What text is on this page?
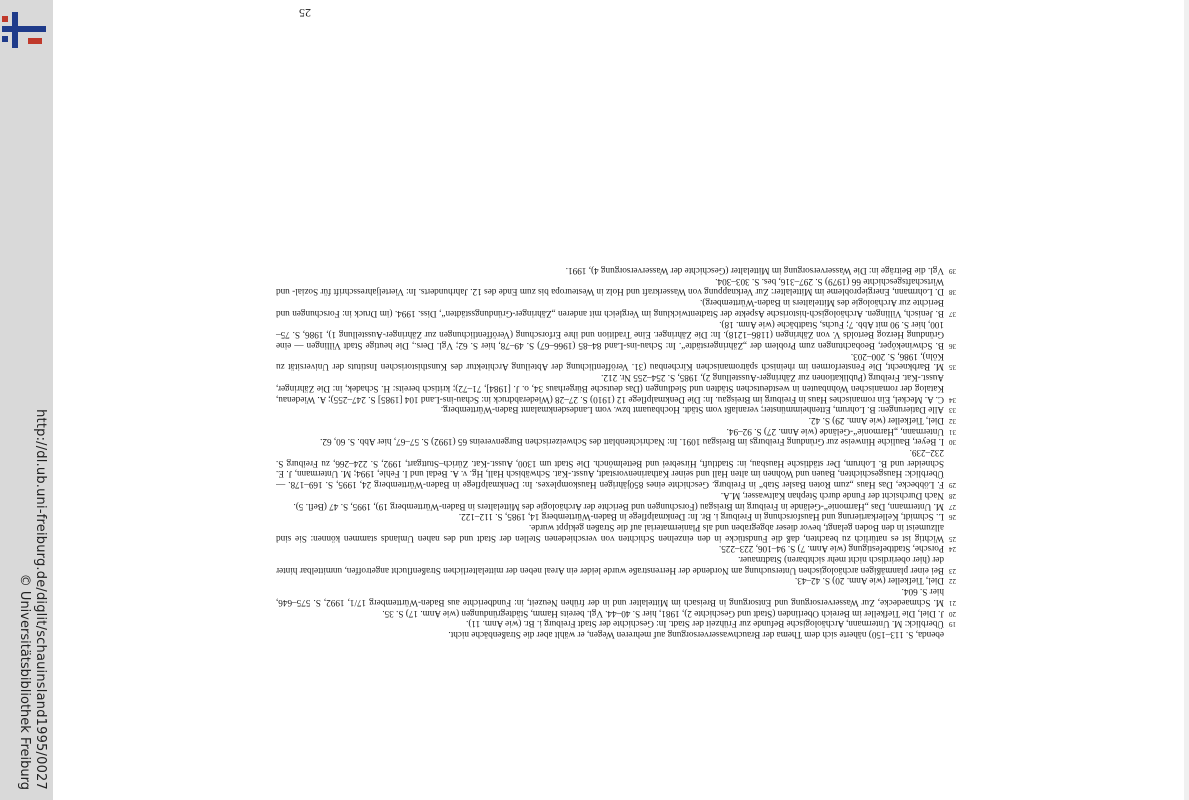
http://dl.ub.uni-freiburg.de/diglit/schauinsland1995/0027
© Universitätsbibliothek Freiburg	ebenda, S. 113–150) näherte sich dem Thema der Brauchwasserversorgung auf mehreren Wegen, er wählt aber die Straßenbäche nicht.

19
Überblick: M. Untermann, Archäologische Befunde zur Frühzeit der Stadt. In: Geschichte der Stadt Freiburg i. Br. (wie Anm. 11).

20
J. Diel, Die Tiefkeller im Bereich Oberlinden (Stadt und Geschichte 2), 1981, hier S. 40–44. Vgl. bereits Hamm, Städtegründungen (wie Anm. 17) S. 35.

21
M. Schmaedecke, Zur Wasserversorgung und Entsorgung in Breisach im Mittelalter und in der frühen Neuzeit, in: Fundberichte aus Baden-Württemberg 17/1, 1992, S. 575–646, hier S. 604.

22
Diel, Tiefkeller (wie Anm. 20) S. 42–43.

23
Bei einer planmäßigen archäologischen Untersuchung am Nordende der Herrenstraße wurde leider ein Areal neben der mittelalterlichen Straßenflucht angetroffen, unmittelbar hinter der (hier oberirdisch nicht mehr sichtbaren) Stadtmauer.

24
Porsche, Stadtbefestigung (wie Anm. 7) S. 94–106, 223–225.

25
Wichtig ist es natürlich zu beachten, daß die Fundstücke in den einzelnen Schichten von verschiedenen Stellen der Stadt und des nahen Umlands stammen können: Sie sind allzumeist in den Boden gelangt, bevor dieser abgegraben und als Planiermaterial auf die Straßen gekippt wurde.

26
L. Schmidt, Kellerkartierung und Hausforschung in Freiburg i. Br. In: Denkmalpflege in Baden-Württemberg 14, 1985, S. 112–122.

27
M. Untermann, Das „Harmonie“-Gelände in Freiburg im Breisgau (Forschungen und Berichte der Archäologie des Mittelalters in Baden-Württemberg 19), 1995, S. 47 (Befl. 5).

28
Nach Durchsicht der Funde durch Stephan Kaltwasser, M.A.

29
F. Löbbecke, Das Haus „zum Roten Basler Stab“ in Freiburg. Geschichte eines 850jährigen Hauskomplexes. In: Denkmalpflege in Baden-Württemberg 24, 1995, S. 169–178. — Überblick: Hausgeschichten, Bauen und Wohnen im alten Hall und seiner Katharinenvorstadt, Ausst.-Kat. Schwäbisch Hall, Hg. v. A. Bedal und I. Fehle, 1994; M. Untermann, J. E. Schneider und B. Lohrum, Der städtische Hausbau, in: Stadtluft, Hirsebrei und Bettelmönch. Die Stadt um 1300, Ausst.-Kat. Zürich–Stuttgart, 1992, S. 224–266, zu Freiburg S. 232–239.

30
I. Beyer, Bauliche Hinweise zur Gründung Freiburgs im Breisgau 1091. In: Nachrichtenblatt des Schweizerischen Burgenvereins 65 (1992) S. 57–67, hier Abb. S. 60, 62.

31
Untermann, „Harmonie“-Gelände (wie Anm. 27) S. 92–94.

32
Diel, Tiefkeller (wie Anm. 29) S. 42.

33
Alle Datierungen: B. Lohrum, Ettenheimmünster; veranlaßt vom Städt. Hochbauamt bzw. vom Landesdenkmalamt Baden-Württemberg.

34
C. A. Meckel, Ein romanisches Haus in Freiburg im Breisgau. In: Die Denkmalpflege 12 (1910) S. 27–28 (Wiederabdruck in: Schau-ins-Land 104 [1985] S. 247–255); A. Wiedenau, Katalog der romanischen Wohnbauten in westdeutschen Städten und Siedlungen (Das deutsche Bürgerhaus 34, o. J. [1984], 71–72); kritisch bereits: H. Schadek, in: Die Zähringer, Ausst.-Kat. Freiburg (Publikationen zur Zähringer-Ausstellung 2), 1985, S. 254–255 Nr. 212.

35
M. Barbknecht, Die Fensterformen im rheinisch spätromanischen Kirchenbau (31. Veröffentlichung der Abteilung Architektur des Kunsthistorischen Instituts der Universität zu Köln), 1986, S. 200–203.

36
B. Schwineköper, Beobachtungen zum Problem der „Zähringerstädte“. In: Schau-ins-Land 84–85 (1966–67) S. 49–78, hier S. 62; Vgl. Ders., Die heutige Stadt Villingen — eine Gründung Herzog Bertolds V. von Zähringen (1186–1218). In: Die Zähringer. Eine Tradition und ihre Erforschung (Veröffentlichungen zur Zähringer-Ausstellung 1), 1986, S. 75–100, hier S. 90 mit Abb. 7; Fuchs, Stadtbäche (wie Anm. 18).

37
B. Jenisch, Villingen. Archäologisch-historische Aspekte der Stadtentwicklung im Vergleich mit anderen „Zähringer-Gründungsstädten“, Diss. 1994. (im Druck in: Forschungen und Berichte zur Archäologie des Mittelalters in Baden-Württemberg).

38
D. Lohrmann, Energieprobleme im Mittelalter: Zur Verknappung von Wasserkraft und Holz in Westeuropa bis zum Ende des 12. Jahrhunderts. In: Vierteljahresschrift für Sozial- und Wirtschaftsgeschichte 66 (1979) S. 297–316, bes. S. 303–304.

39
Vgl. die Beiträge in: Die Wasserversorgung im Mittelalter (Geschichte der Wasserversorgung 4), 1991.

25
